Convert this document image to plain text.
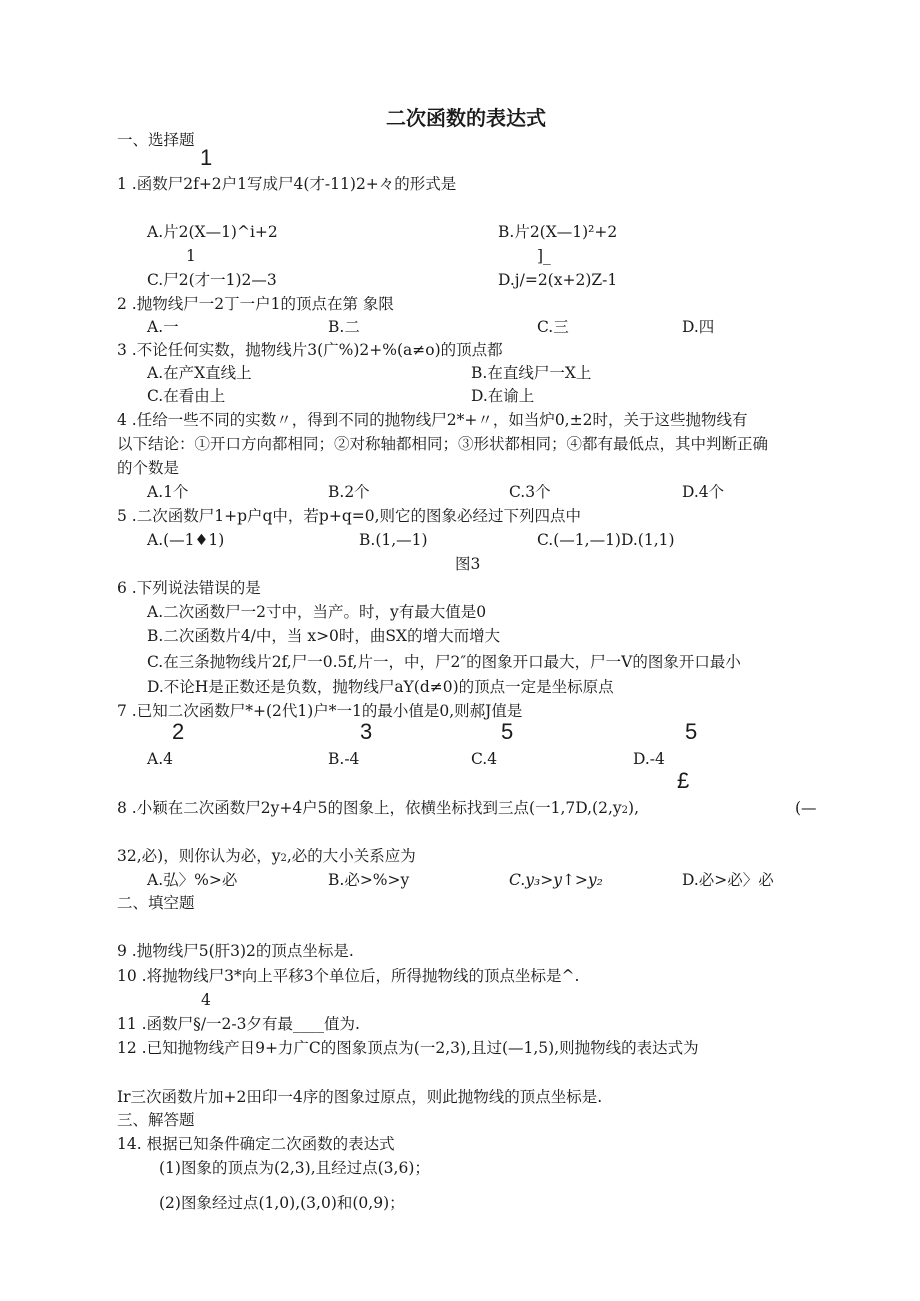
二次函数的表达式
一、选择题
1
1 .函数尸2f+2户1写成尸4(才-11)2+々的形式是
A.片2(X—1)^i+2	B.片2(X—1)²+2
1	]_
C.尸2(才一1)2—3	D.j/=2(x+2)Z-1
2 .抛物线尸一2丁一户1的顶点在第 象限
A.一	B.二	C.三	D.四
3 .不论任何实数，抛物线片3(广%)2+%(a≠o)的顶点都
A.在产X直线上	B.在直线尸一X上
C.在看由上	D.在谕上
4 .任给一些不同的实数〃，得到不同的抛物线尸2*+〃，如当炉0,±2时，关于这些抛物线有
以下结论：①开口方向都相同；②对称轴都相同；③形状都相同；④都有最低点，其中判断正确
的个数是
A.1个	B.2个	C.3个	D.4个
5 .二次函数尸1+p户q中，若p+q=0,则它的图象必经过下列四点中
A.(—1♦1)	B.(1,—1)	C.(—1,—1)D.(1,1)
图3
6 .下列说法错误的是
A.二次函数尸一2寸中，当产。时，y有最大值是0
B.二次函数片4/中，当 x>0时，曲SX的增大而增大
C.在三条抛物线片2f,尸一0.5f,片一，中，尸2″的图象开口最大，尸一V的图象开口最小
D.不论H是正数还是负数，抛物线尸aY(d≠0)的顶点一定是坐标原点
7 .已知二次函数尸*+(2代1)户*一1的最小值是0,则郝J值是
2	3	5	5
A.4	B.-4	C.4	D.-4
£
8 .小颖在二次函数尸2y+4户5的图象上，依横坐标找到三点(一1,7D,(2,y2),	(—
32,必)，则你认为必，y2,必的大小关系应为
A.弘〉%>必	B.必>%>y	C.y₃>y↑>y₂	D.必>必〉必
二、填空题
9 .抛物线尸5(肝3)2的顶点坐标是.
10 .将抛物线尸3*向上平移3个单位后，所得抛物线的顶点坐标是^.
4
11 .函数尸§/一2-3夕有最____值为.
12 .已知抛物线产日9+力广C的图象顶点为(一2,3),且过(—1,5),则抛物线的表达式为
Ir三次函数片加+2田印一4序的图象过原点，则此抛物线的顶点坐标是.
三、解答题
14. 根据已知条件确定二次函数的表达式
(1)图象的顶点为(2,3),且经过点(3,6)；
(2)图象经过点(1,0),(3,0)和(0,9)；
